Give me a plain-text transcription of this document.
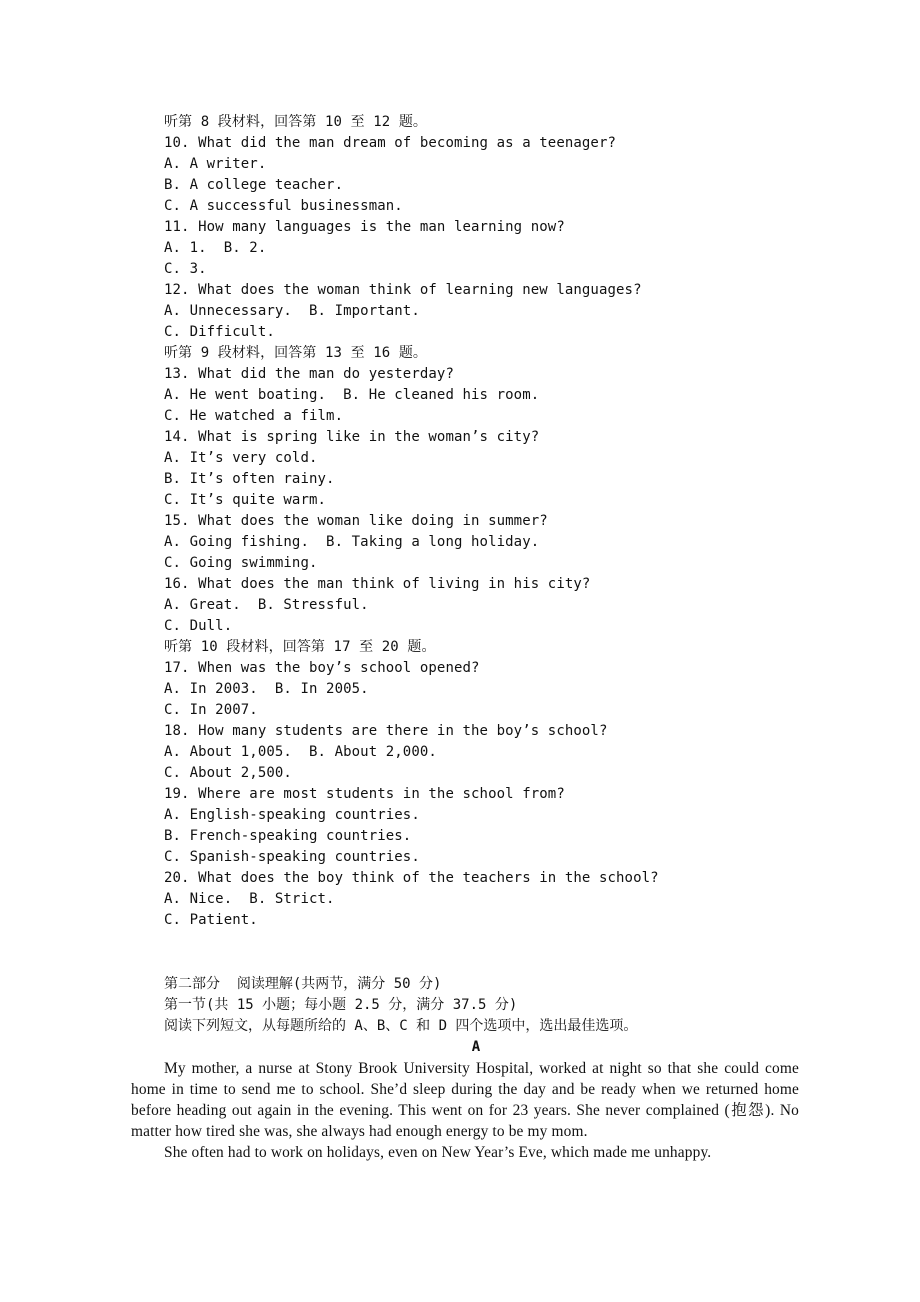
听第 8 段材料，回答第 10 至 12 题。
10. What did the man dream of becoming as a teenager?
A. A writer.
B. A college teacher.
C. A successful businessman.
11. How many languages is the man learning now?
A. 1.  B. 2.
C. 3.
12. What does the woman think of learning new languages?
A. Unnecessary.  B. Important.
C. Difficult.
听第 9 段材料，回答第 13 至 16 题。
13. What did the man do yesterday?
A. He went boating.  B. He cleaned his room.
C. He watched a film.
14. What is spring like in the woman’s city?
A. It’s very cold.
B. It’s often rainy.
C. It’s quite warm.
15. What does the woman like doing in summer?
A. Going fishing.  B. Taking a long holiday.
C. Going swimming.
16. What does the man think of living in his city?
A. Great.  B. Stressful.
C. Dull.
听第 10 段材料，回答第 17 至 20 题。
17. When was the boy’s school opened?
A. In 2003.  B. In 2005.
C. In 2007.
18. How many students are there in the boy’s school?
A. About 1,005.  B. About 2,000.
C. About 2,500.
19. Where are most students in the school from?
A. English-speaking countries.
B. French-speaking countries.
C. Spanish-speaking countries.
20. What does the boy think of the teachers in the school?
A. Nice.  B. Strict.
C. Patient.
第二部分  阅读理解(共两节，满分 50 分)
第一节(共 15 小题；每小题 2.5 分，满分 37.5 分)
阅读下列短文，从每题所给的 A、B、C 和 D 四个选项中，选出最佳选项。
A

My mother, a nurse at Stony Brook University Hospital, worked at night so that she could come home in time to send me to school. She’d sleep during the day and be ready when we returned home before heading out again in the evening. This went on for 23 years. She never complained (抱怨). No matter how tired she was, she always had enough energy to be my mom.

She often had to work on holidays, even on New Year’s Eve, which made me unhappy.
